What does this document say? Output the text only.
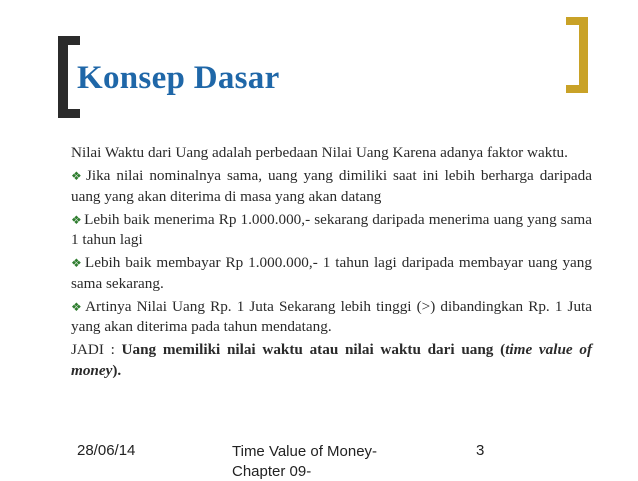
Konsep Dasar

Nilai Waktu dari Uang adalah perbedaan Nilai Uang Karena adanya faktor waktu.

❖ Jika nilai nominalnya sama, uang yang dimiliki saat ini lebih berharga daripada uang yang akan diterima di masa yang akan datang

❖ Lebih baik menerima Rp 1.000.000,- sekarang daripada menerima uang yang sama 1 tahun lagi

❖ Lebih baik membayar Rp 1.000.000,- 1 tahun lagi daripada membayar uang yang sama sekarang.

❖ Artinya Nilai Uang Rp. 1 Juta Sekarang lebih tinggi (>) dibandingkan Rp. 1 Juta yang akan diterima pada tahun mendatang.

JADI : Uang memiliki nilai waktu atau nilai waktu dari uang (time value of money).

28/06/14	Time Value of Money-
Chapter 09-
3
